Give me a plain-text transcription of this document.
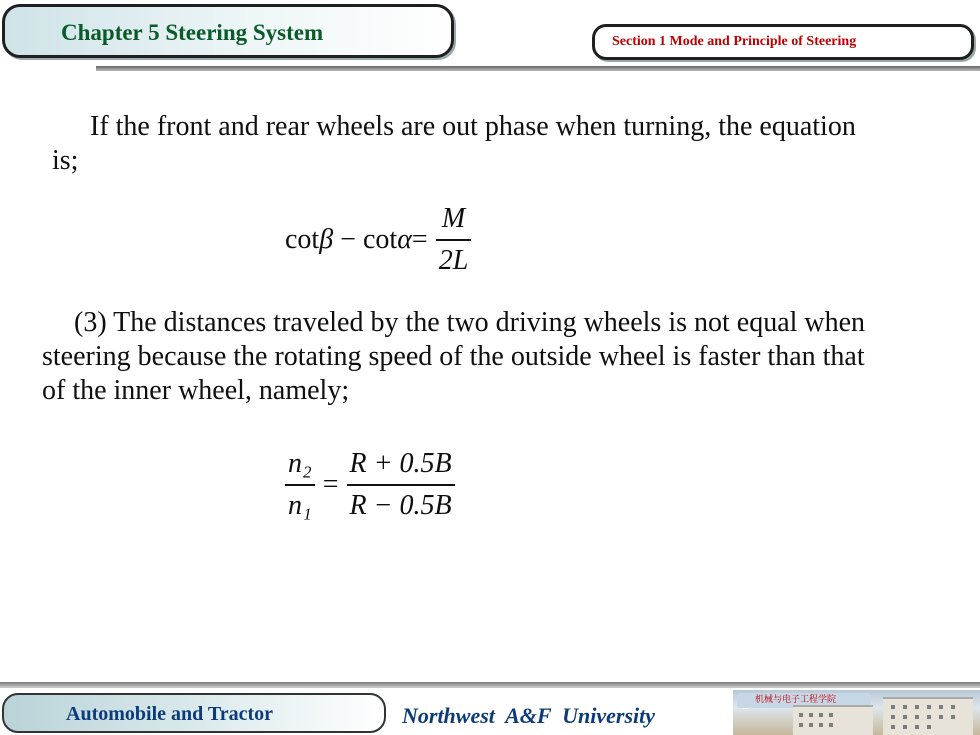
Chapter 5 Steering System	Section 1 Mode and Principle of Steering

If the front and rear wheels are out phase when turning, the equation is;

$\cot \beta - \cot \alpha = \frac{M}{2L}$

(3) The distances traveled by the two driving wheels is not equal when steering because the rotating speed of the outside wheel is faster than that of the inner wheel, namely;

$\frac{\text{n₂}}{\text{n₁}} = \frac{R + 0.5B}{R - 0.5B}$
Automobile and Tractor	Northwest  A&F  University
机械与电子工程学院
